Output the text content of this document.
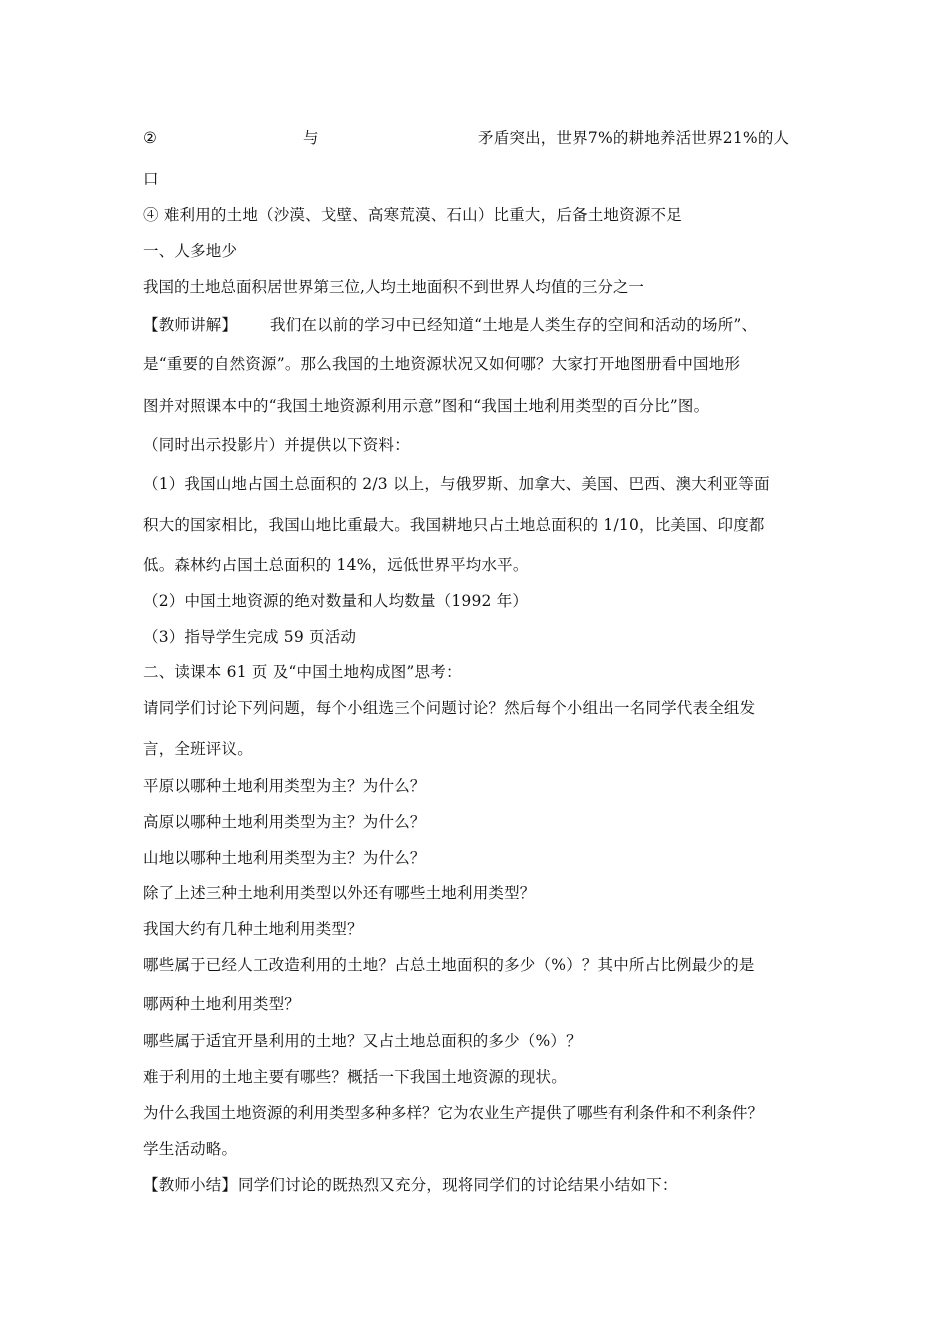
②	与	矛盾突出，世界7%的耕地养活世界21%的人
口
④ 难利用的土地（沙漠、戈壁、高寒荒漠、石山）比重大，后备土地资源不足
一、人多地少
我国的土地总面积居世界第三位,人均土地面积不到世界人均值的三分之一
【教师讲解】 我们在以前的学习中已经知道“土地是人类生存的空间和活动的场所”、
是“重要的自然资源”。那么我国的土地资源状况又如何哪？大家打开地图册看中国地形
图并对照课本中的“我国土地资源利用示意”图和“我国土地利用类型的百分比”图。
（同时出示投影片）并提供以下资料：
（1）我国山地占国土总面积的 2/3 以上，与俄罗斯、加拿大、美国、巴西、澳大利亚等面
积大的国家相比，我国山地比重最大。我国耕地只占土地总面积的 1/10，比美国、印度都
低。森林约占国土总面积的 14%，远低世界平均水平。
（2）中国土地资源的绝对数量和人均数量（1992 年）
（3）指导学生完成 59 页活动
二、读课本 61 页 及“中国土地构成图”思考：
请同学们讨论下列问题，每个小组选三个问题讨论？然后每个小组出一名同学代表全组发
言，全班评议。
平原以哪种土地利用类型为主？为什么？
高原以哪种土地利用类型为主？为什么？
山地以哪种土地利用类型为主？为什么？
除了上述三种土地利用类型以外还有哪些土地利用类型？
我国大约有几种土地利用类型？
哪些属于已经人工改造利用的土地？占总土地面积的多少（%）？其中所占比例最少的是
哪两种土地利用类型？
哪些属于适宜开垦利用的土地？又占土地总面积的多少（%）？
难于利用的土地主要有哪些？概括一下我国土地资源的现状。
为什么我国土地资源的利用类型多种多样？它为农业生产提供了哪些有利条件和不利条件？
学生活动略。
【教师小结】 同学们讨论的既热烈又充分，现将同学们的讨论结果小结如下：
